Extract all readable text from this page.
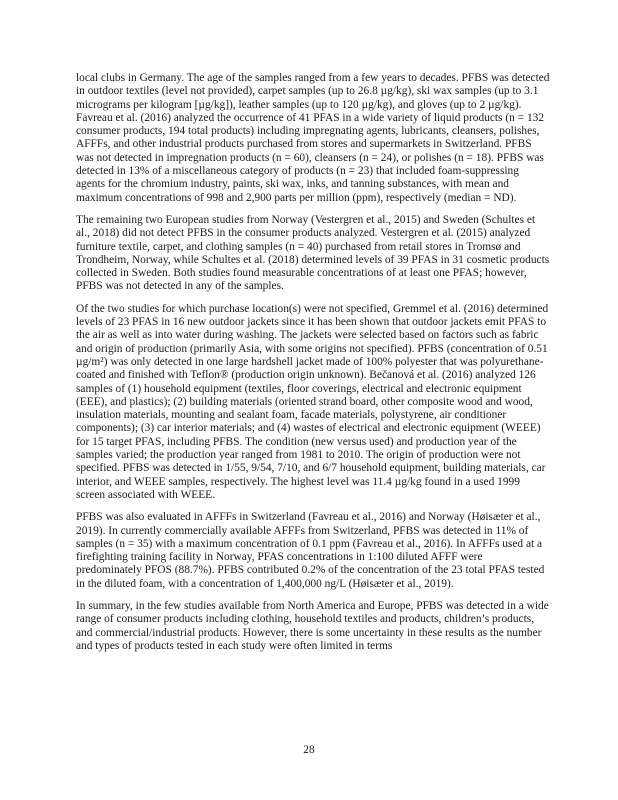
local clubs in Germany. The age of the samples ranged from a few years to decades. PFBS was detected in outdoor textiles (level not provided), carpet samples (up to 26.8 µg/kg), ski wax samples (up to 3.1 micrograms per kilogram [µg/kg]), leather samples (up to 120 µg/kg), and gloves (up to 2 µg/kg). Favreau et al. (2016) analyzed the occurrence of 41 PFAS in a wide variety of liquid products (n = 132 consumer products, 194 total products) including impregnating agents, lubricants, cleansers, polishes, AFFFs, and other industrial products purchased from stores and supermarkets in Switzerland. PFBS was not detected in impregnation products (n = 60), cleansers (n = 24), or polishes (n = 18). PFBS was detected in 13% of a miscellaneous category of products (n = 23) that included foam-suppressing agents for the chromium industry, paints, ski wax, inks, and tanning substances, with mean and maximum concentrations of 998 and 2,900 parts per million (ppm), respectively (median = ND).

The remaining two European studies from Norway (Vestergren et al., 2015) and Sweden (Schultes et al., 2018) did not detect PFBS in the consumer products analyzed. Vestergren et al. (2015) analyzed furniture textile, carpet, and clothing samples (n = 40) purchased from retail stores in Tromsø and Trondheim, Norway, while Schultes et al. (2018) determined levels of 39 PFAS in 31 cosmetic products collected in Sweden. Both studies found measurable concentrations of at least one PFAS; however, PFBS was not detected in any of the samples.

Of the two studies for which purchase location(s) were not specified, Gremmel et al. (2016) determined levels of 23 PFAS in 16 new outdoor jackets since it has been shown that outdoor jackets emit PFAS to the air as well as into water during washing. The jackets were selected based on factors such as fabric and origin of production (primarily Asia, with some origins not specified). PFBS (concentration of 0.51 µg/m²) was only detected in one large hardshell jacket made of 100% polyester that was polyurethane-coated and finished with Teflon® (production origin unknown). Bečanová et al. (2016) analyzed 126 samples of (1) household equipment (textiles, floor coverings, electrical and electronic equipment (EEE), and plastics); (2) building materials (oriented strand board, other composite wood and wood, insulation materials, mounting and sealant foam, facade materials, polystyrene, air conditioner components); (3) car interior materials; and (4) wastes of electrical and electronic equipment (WEEE) for 15 target PFAS, including PFBS. The condition (new versus used) and production year of the samples varied; the production year ranged from 1981 to 2010. The origin of production were not specified. PFBS was detected in 1/55, 9/54, 7/10, and 6/7 household equipment, building materials, car interior, and WEEE samples, respectively. The highest level was 11.4 µg/kg found in a used 1999 screen associated with WEEE.

PFBS was also evaluated in AFFFs in Switzerland (Favreau et al., 2016) and Norway (Høisæter et al., 2019). In currently commercially available AFFFs from Switzerland, PFBS was detected in 11% of samples (n = 35) with a maximum concentration of 0.1 ppm (Favreau et al., 2016). In AFFFs used at a firefighting training facility in Norway, PFAS concentrations in 1:100 diluted AFFF were predominately PFOS (88.7%). PFBS contributed 0.2% of the concentration of the 23 total PFAS tested in the diluted foam, with a concentration of 1,400,000 ng/L (Høisæter et al., 2019).

In summary, in the few studies available from North America and Europe, PFBS was detected in a wide range of consumer products including clothing, household textiles and products, children’s products, and commercial/industrial products. However, there is some uncertainty in these results as the number and types of products tested in each study were often limited in terms

28
